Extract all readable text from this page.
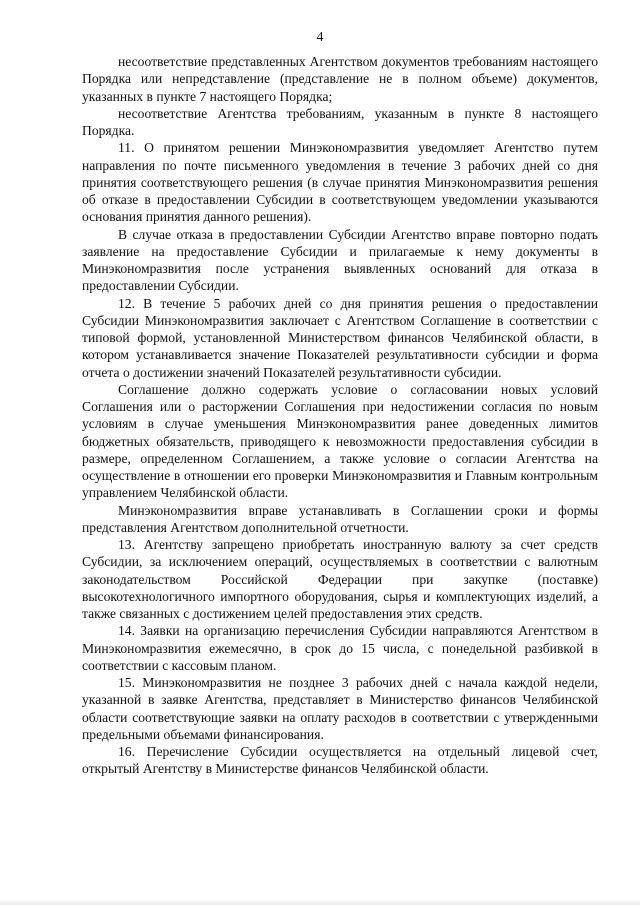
4

несоответствие представленных Агентством документов требованиям настоящего Порядка или непредставление (представление не в полном объеме) документов, указанных в пункте 7 настоящего Порядка;

несоответствие Агентства требованиям, указанным в пункте 8 настоящего Порядка.

11. О принятом решении Минэкономразвития уведомляет Агентство путем направления по почте письменного уведомления в течение 3 рабочих дней со дня принятия соответствующего решения (в случае принятия Минэкономразвития решения об отказе в предоставлении Субсидии в соответствующем уведомлении указываются основания принятия данного решения).

В случае отказа в предоставлении Субсидии Агентство вправе повторно подать заявление на предоставление Субсидии и прилагаемые к нему документы в Минэкономразвития после устранения выявленных оснований для отказа в предоставлении Субсидии.

12. В течение 5 рабочих дней со дня принятия решения о предоставлении Субсидии Минэкономразвития заключает с Агентством Соглашение в соответствии с типовой формой, установленной Министерством финансов Челябинской области, в котором устанавливается значение Показателей результативности субсидии и форма отчета о достижении значений Показателей результативности субсидии.

Соглашение должно содержать условие о согласовании новых условий Соглашения или о расторжении Соглашения при недостижении согласия по новым условиям в случае уменьшения Минэкономразвития ранее доведенных лимитов бюджетных обязательств, приводящего к невозможности предоставления субсидии в размере, определенном Соглашением, а также условие о согласии Агентства на осуществление в отношении его проверки Минэкономразвития и Главным контрольным управлением Челябинской области.

Минэкономразвития вправе устанавливать в Соглашении сроки и формы представления Агентством дополнительной отчетности.

13. Агентству запрещено приобретать иностранную валюту за счет средств Субсидии, за исключением операций, осуществляемых в соответствии с валютным законодательством Российской Федерации при закупке (поставке) высокотехнологичного импортного оборудования, сырья и комплектующих изделий, а также связанных с достижением целей предоставления этих средств.

14. Заявки на организацию перечисления Субсидии направляются Агентством в Минэкономразвития ежемесячно, в срок до 15 числа, с понедельной разбивкой в соответствии с кассовым планом.

15. Минэкономразвития не позднее 3 рабочих дней с начала каждой недели, указанной в заявке Агентства, представляет в Министерство финансов Челябинской области соответствующие заявки на оплату расходов в соответствии с утвержденными предельными объемами финансирования.

16. Перечисление Субсидии осуществляется на отдельный лицевой счет, открытый Агентству в Министерстве финансов Челябинской области.
